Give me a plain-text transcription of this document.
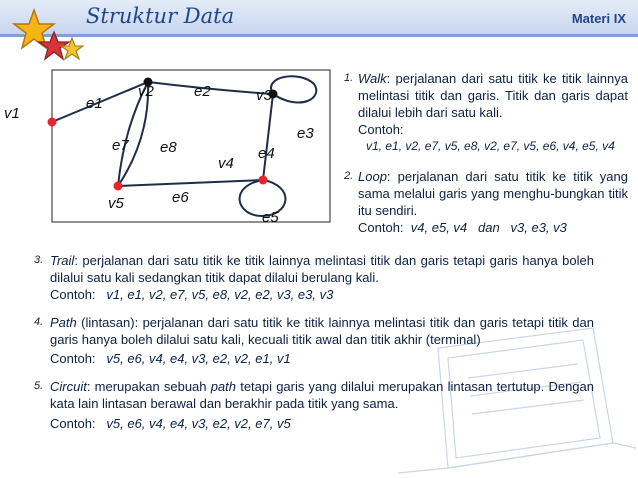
Struktur Data	Materi IX
v1
v2	v3
v4
v5
e1
e2
e3
e4
e5
e6
e7 e8
1. Walk: perjalanan dari satu titik ke titik lainnya melintasi titik dan garis. Titik dan garis dapat dilalui lebih dari satu kali.
Contoh:
v1, e1, v2, e7, v5, e8, v2, e7, v5, e6, v4, e5, v4
2. Loop: perjalanan dari satu titik ke titik yang sama melalui garis yang menghu-bungkan titik itu sendiri.
Contoh: v4, e5, v4   dan   v3, e3, v3
3. Trail: perjalanan dari satu titik ke titik lainnya melintasi titik dan garis tetapi garis hanya boleh dilalui satu kali sedangkan titik dapat dilalui berulang kali.
Contoh: v1, e1, v2, e7, v5, e8, v2, e2, v3, e3, v3
4. Path (lintasan): perjalanan dari satu titik ke titik lainnya melintasi titik dan garis tetapi titik dan garis hanya boleh dilalui satu kali, kecuali titik awal dan titik akhir (terminal)
Contoh: v5, e6, v4, e4, v3, e2, v2, e1, v1
5. Circuit: merupakan sebuah path tetapi garis yang dilalui merupakan lintasan tertutup. Dengan kata lain lintasan berawal dan berakhir pada titik yang sama.
Contoh: v5, e6, v4, e4, v3, e2, v2, e7, v5
